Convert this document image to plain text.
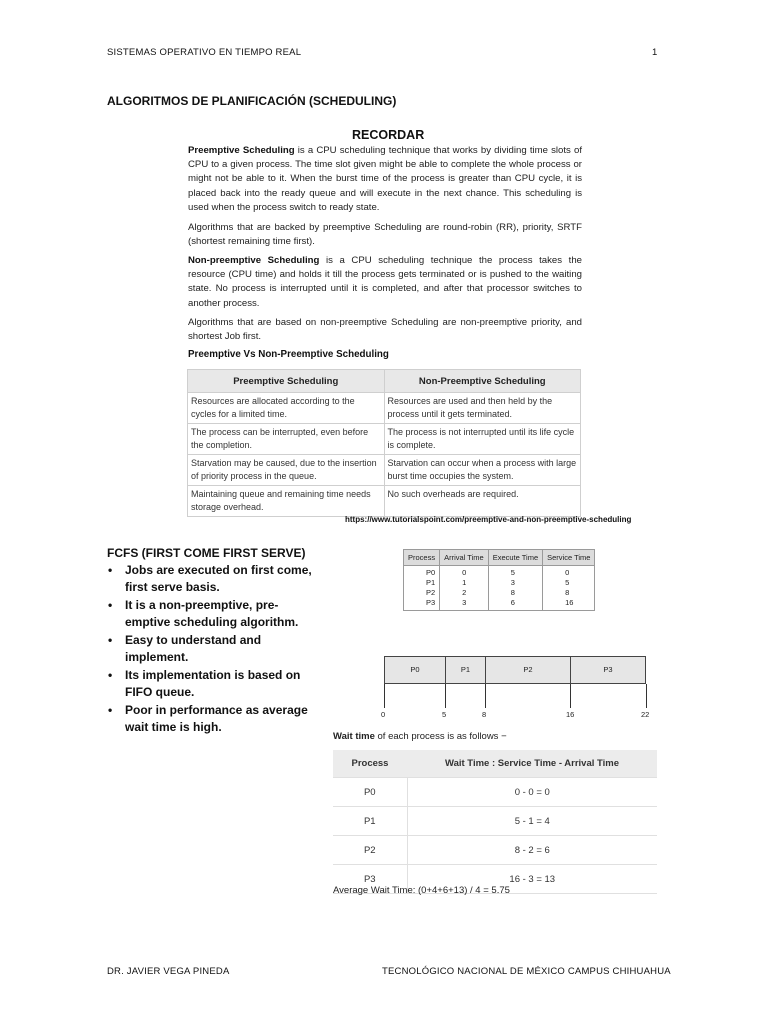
SISTEMAS OPERATIVO EN TIEMPO REAL	1
ALGORITMOS DE PLANIFICACIÓN (SCHEDULING)
RECORDAR
Preemptive Scheduling is a CPU scheduling technique that works by dividing time slots of CPU to a given process. The time slot given might be able to complete the whole process or might not be able to it. When the burst time of the process is greater than CPU cycle, it is placed back into the ready queue and will execute in the next chance. This scheduling is used when the process switch to ready state.
Algorithms that are backed by preemptive Scheduling are round-robin (RR), priority, SRTF (shortest remaining time first).
Non-preemptive Scheduling is a CPU scheduling technique the process takes the resource (CPU time) and holds it till the process gets terminated or is pushed to the waiting state. No process is interrupted until it is completed, and after that processor switches to another process.
Algorithms that are based on non-preemptive Scheduling are non-preemptive priority, and shortest Job first.
Preemptive Vs Non-Preemptive Scheduling
Preemptive Scheduling	Non-Preemptive Scheduling
Resources are allocated according to the cycles for a limited time.	Resources are used and then held by the process until it gets terminated.
The process can be interrupted, even before the completion.	The process is not interrupted until its life cycle is complete.
Starvation may be caused, due to the insertion of priority process in the queue.	Starvation can occur when a process with large burst time occupies the system.
Maintaining queue and remaining time needs storage overhead.	No such overheads are required.
https://www.tutorialspoint.com/preemptive-and-non-preemptive-scheduling
FCFS (FIRST COME FIRST SERVE)
• Jobs are executed on first come, first serve basis.
• It is a non-preemptive, pre-emptive scheduling algorithm.
• Easy to understand and implement.
• Its implementation is based on FIFO queue.
• Poor in performance as average wait time is high.
Process	Arrival Time	Execute Time	Service Time
P0	0	5	0
P1	1	3	5
P2	2	8	8
P3	3	6	16
P0	P1	P2	P3
0	5	8	16	22
Wait time of each process is as follows −
Process	Wait Time : Service Time - Arrival Time
P0	0 - 0 = 0
P1	5 - 1 = 4
P2	8 - 2 = 6
P3	16 - 3 = 13
Average Wait Time: (0+4+6+13) / 4 = 5.75
DR. JAVIER VEGA PINEDA	TECNOLÓGICO NACIONAL DE MÉXICO CAMPUS CHIHUAHUA
